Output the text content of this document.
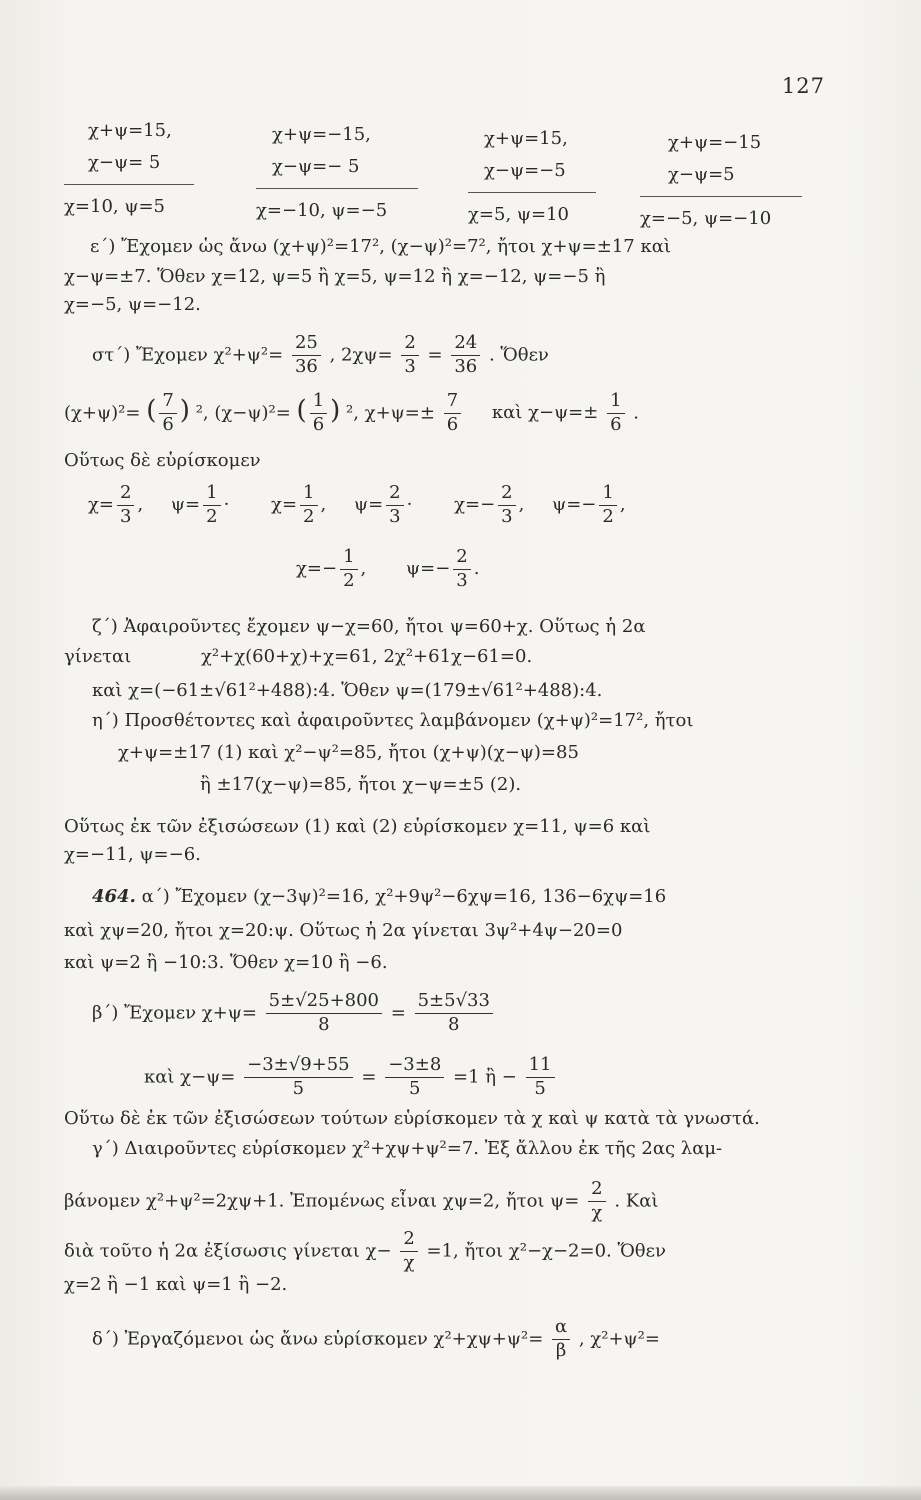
127
χ+ψ=15,
χ−ψ= 5
χ=10, ψ=5
χ+ψ=−15,
χ−ψ=− 5
χ=−10, ψ=−5
χ+ψ=15,
χ−ψ=−5
χ=5, ψ=10
χ+ψ=−15
χ−ψ=5
χ=−5, ψ=−10
ε΄) Ἔχομεν ὡς ἄνω (χ+ψ)²=17², (χ−ψ)²=7², ἤτοι χ+ψ=±17 καὶ
χ−ψ=±7. Ὅθεν χ=12, ψ=5 ἢ χ=5, ψ=12 ἢ χ=−12, ψ=−5 ἢ
χ=−5, ψ=−12.
στ΄) Ἔχομεν $\chi^2+\psi^2= \frac{25}{36}$ , $2\chi\psi= \frac{2}{3} = \frac{24}{36}$ . Ὅθεν
(χ+ψ)²= ( $\frac{7}{6}$ ) ², (χ−ψ)²= ( $\frac{1}{6}$ ) ², $\chi+\psi=\pm \frac{7}{6}$ καὶ $\chi-\psi=\pm \frac{1}{6}$ .
Οὕτως δὲ εὑρίσκομεν
$\chi= \frac{2}{3}$ , $\psi= \frac{1}{2} \cdot \chi= \frac{1}{2}$ , $\psi= \frac{2}{3} \cdot \chi=- \frac{2}{3}$ , $\psi=- \frac{1}{2}$ ,
$\chi=- \frac{1}{2}$ , $\psi=- \frac{2}{3}$ .
ζ΄) Ἀφαιροῦντες ἔχομεν ψ−χ=60, ἤτοι ψ=60+χ. Οὕτως ἡ 2α
γίνεται	χ²+χ(60+χ)+χ=61, 2χ²+61χ−61=0.
καὶ χ=(−61±√61²+488):4. Ὅθεν ψ=(179±√61²+488):4.
η΄) Προσθέτοντες καὶ ἀφαιροῦντες λαμβάνομεν (χ+ψ)²=17², ἤτοι
χ+ψ=±17 (1) καὶ χ²−ψ²=85, ἤτοι (χ+ψ)(χ−ψ)=85
ἢ ±17(χ−ψ)=85, ἤτοι χ−ψ=±5 (2).
Οὕτως ἐκ τῶν ἐξισώσεων (1) καὶ (2) εὑρίσκομεν χ=11, ψ=6 καὶ
χ=−11, ψ=−6.
464. α΄) Ἔχομεν (χ−3ψ)²=16, χ²+9ψ²−6χψ=16, 136−6χψ=16
καὶ χψ=20, ἤτοι χ=20:ψ. Οὕτως ἡ 2α γίνεται 3ψ²+4ψ−20=0
καὶ ψ=2 ἢ −10:3. Ὅθεν χ=10 ἢ −6.
β΄) Ἔχομεν $\chi+\psi= \frac{5\pm√25+800}{8} = \frac{5\pm 5√33}{8}$
καὶ $\chi-\psi= \frac{-3\pm√9+55}{5} = \frac{-3\pm 8}{5} =1$ ἢ − $\frac{11}{5}$
Οὕτω δὲ ἐκ τῶν ἐξισώσεων τούτων εὑρίσκομεν τὰ χ καὶ ψ κατὰ τὰ γνωστά.
γ΄) Διαιροῦντες εὑρίσκομεν χ²+χψ+ψ²=7. Ἐξ ἄλλου ἐκ τῆς 2ας λαμ-
βάνομεν χ²+ψ²=2χψ+1. Ἐπομένως εἶναι χψ=2, ἤτοι $\psi= \frac{2}{\chi}$ . Καὶ
διὰ τοῦτο ἡ 2α ἐξίσωσις γίνεται $\chi- \frac{2}{\chi} =1$, ἤτοι χ²−χ−2=0. Ὅθεν
χ=2 ἢ −1 καὶ ψ=1 ἢ −2.
δ΄) Ἐργαζόμενοι ὡς ἄνω εὑρίσκομεν $\chi^2+\chi\psi+\psi^2= \frac{\alpha}{\beta}$ , χ²+ψ²=
